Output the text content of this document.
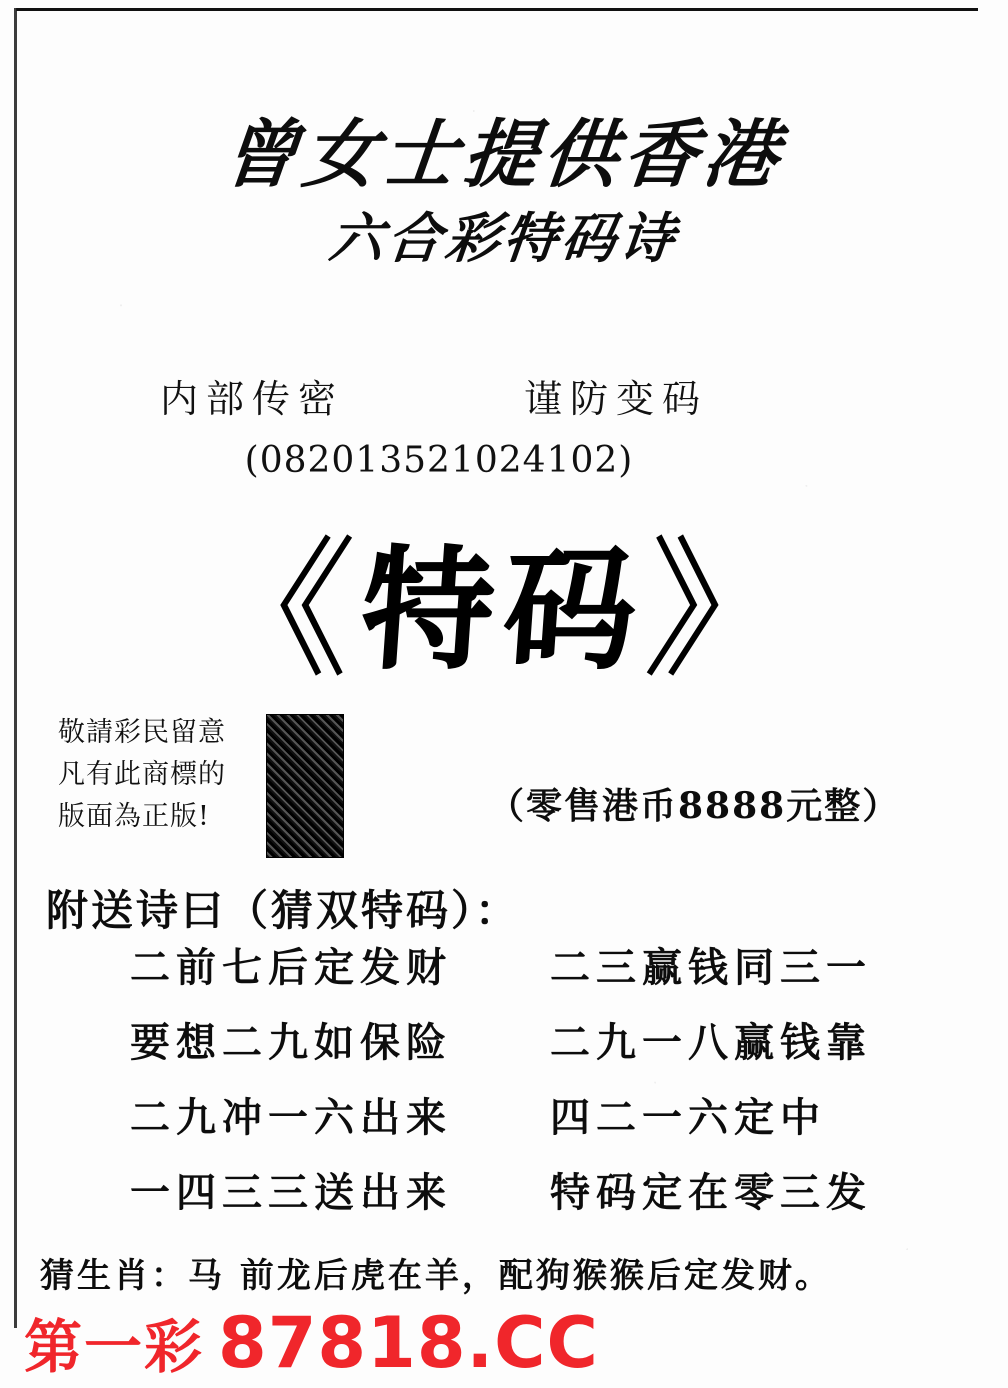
曾女士提供香港
六合彩特码诗
内部传密	谨防变码
(082013521024102)
《特码》
敬請彩民留意
凡有此商標的
版面為正版!	（零售港币8888元整）
附送诗曰（猜双特码）：
二前七后定发财	二三赢钱同三一
要想二九如保险	二九一八赢钱靠
二九冲一六出来	四二一六定中
一四三三送出来	特码定在零三发
猜生肖：马 前龙后虎在羊，配狗猴猴后定发财。
第一彩 87818.CC
